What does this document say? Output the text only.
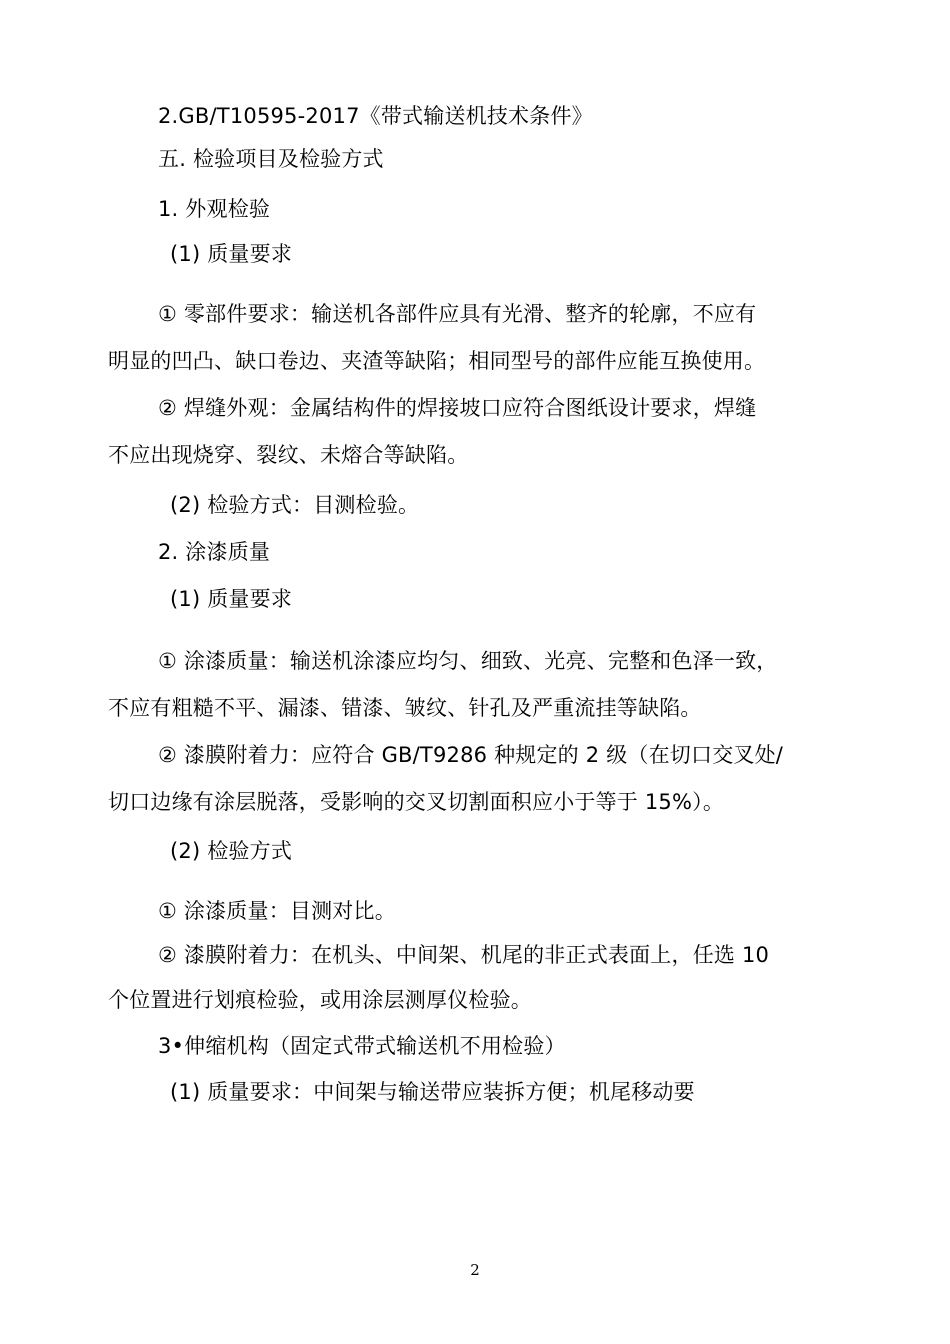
2.GB/T10595-2017《带式输送机技术条件》
五. 检验项目及检验方式
1. 外观检验
(1) 质量要求
① 零部件要求：输送机各部件应具有光滑、整齐的轮廓，不应有
明显的凹凸、缺口卷边、夹渣等缺陷；相同型号的部件应能互换使用。
② 焊缝外观：金属结构件的焊接坡口应符合图纸设计要求，焊缝
不应出现烧穿、裂纹、未熔合等缺陷。
(2) 检验方式：目测检验。
2. 涂漆质量
(1) 质量要求
① 涂漆质量：输送机涂漆应均匀、细致、光亮、完整和色泽一致，
不应有粗糙不平、漏漆、错漆、皱纹、针孔及严重流挂等缺陷。
② 漆膜附着力：应符合 GB/T9286 种规定的 2 级（在切口交叉处/
切口边缘有涂层脱落，受影响的交叉切割面积应小于等于 15%）。
(2) 检验方式
① 涂漆质量：目测对比。
② 漆膜附着力：在机头、中间架、机尾的非正式表面上，任选 10
个位置进行划痕检验，或用涂层测厚仪检验。
3•伸缩机构（固定式带式输送机不用检验）
(1) 质量要求：中间架与输送带应装拆方便；机尾移动要
2
